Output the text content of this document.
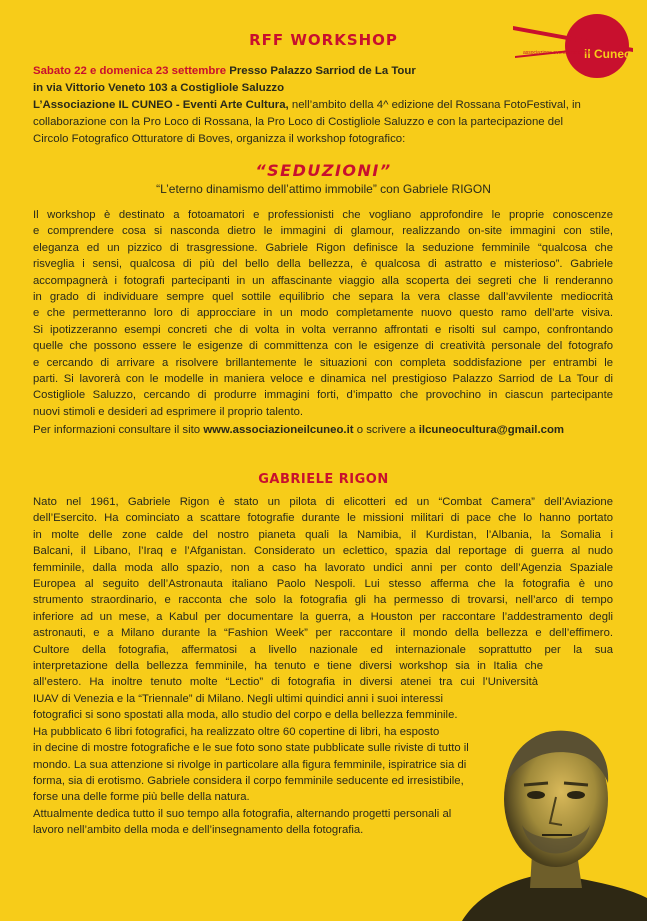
RFF WORKSHOP
il Cuneo
associazione eventi arte cultura
Sabato 22 e domenica 23 settembre Presso Palazzo Sarriod de La Tour
in via Vittorio Veneto 103 a Costigliole Saluzzo
L’Associazione IL CUNEO - Eventi Arte Cultura, nell’ambito della 4^ edizione del Rossana FotoFestival, in
collaborazione con la Pro Loco di Rossana, la Pro Loco di Costigliole Saluzzo e con la partecipazione del
Circolo Fotografico Otturatore di Boves, organizza il workshop fotografico:
“SEDUZIONI”
“L’eterno dinamismo dell’attimo immobile” con Gabriele RIGON
Il workshop è destinato a fotoamatori e professionisti che vogliano approfondire le proprie conoscenze
e comprendere cosa si nasconda dietro le immagini di glamour, realizzando on-site immagini con stile,
eleganza ed un pizzico di trasgressione. Gabriele Rigon definisce la seduzione femminile “qualcosa che
risveglia i sensi, qualcosa di più del bello della bellezza, è qualcosa di astratto e misterioso”. Gabriele
accompagnerà i fotografi partecipanti in un affascinante viaggio alla scoperta dei segreti che li renderanno
in grado di individuare sempre quel sottile equilibrio che separa la vera classe dall’avvilente mediocrità
e che permetteranno loro di approcciare in un modo completamente nuovo questo ramo dell’arte visiva.
Si ipotizzeranno esempi concreti che di volta in volta verranno affrontati e risolti sul campo, confrontando
quelle che possono essere le esigenze di committenza con le esigenze di creatività personale del fotografo
e cercando di arrivare a risolvere brillantemente le situazioni con completa soddisfazione per entrambi le
parti. Si lavorerà con le modelle in maniera veloce e dinamica nel prestigioso Palazzo Sarriod de La Tour di
Costigliole Saluzzo, cercando di produrre immagini forti, d’impatto che provochino in ciascun partecipante
nuovi stimoli e desideri ad esprimere il proprio talento.
Per informazioni consultare il sito www.associazioneilcuneo.it o scrivere a ilcuneocultura@gmail.com
GABRIELE RIGON
Nato nel 1961, Gabriele Rigon è stato un pilota di elicotteri ed un “Combat Camera” dell’Aviazione
dell’Esercito. Ha cominciato a scattare fotografie durante le missioni militari di pace che lo hanno portato
in molte delle zone calde del nostro pianeta quali la Namibia, il Kurdistan, l’Albania, la Somalia i
Balcani, il Libano, l’Iraq e l’Afganistan. Considerato un eclettico, spazia dal reportage di guerra al nudo
femminile, dalla moda allo spazio, non a caso ha lavorato undici anni per conto dell’Agenzia Spaziale
Europea al seguito dell’Astronauta italiano Paolo Nespoli. Lui stesso afferma che la fotografia è uno
strumento straordinario, e racconta che solo la fotografia gli ha permesso di trovarsi, nell’arco di tempo
inferiore ad un mese, a Kabul per documentare la guerra, a Houston per raccontare l’addestramento degli
astronauti, e a Milano durante la “Fashion Week” per raccontare il mondo della bellezza e dell’effimero.
Cultore della fotografia, affermatosi a livello nazionale ed internazionale soprattutto per la sua
interpretazione della bellezza femminile, ha tenuto e tiene diversi workshop sia in Italia che
all’estero. Ha inoltre tenuto molte “Lectio” di fotografia in diversi atenei tra cui l’Università
IUAV di Venezia e la “Triennale” di Milano. Negli ultimi quindici anni i suoi interessi
fotografici si sono spostati alla moda, allo studio del corpo e della bellezza femminile.
Ha pubblicato 6 libri fotografici, ha realizzato oltre 60 copertine di libri, ha esposto
in decine di mostre fotografiche e le sue foto sono state pubblicate sulle riviste di tutto il
mondo. La sua attenzione si rivolge in particolare alla figura femminile, ispiratrice sia di
forma, sia di erotismo. Gabriele considera il corpo femminile seducente ed irresistibile,
forse una delle forme più belle della natura.
Attualmente dedica tutto il suo tempo alla fotografia, alternando progetti personali al
lavoro nell’ambito della moda e dell’insegnamento della fotografia.
